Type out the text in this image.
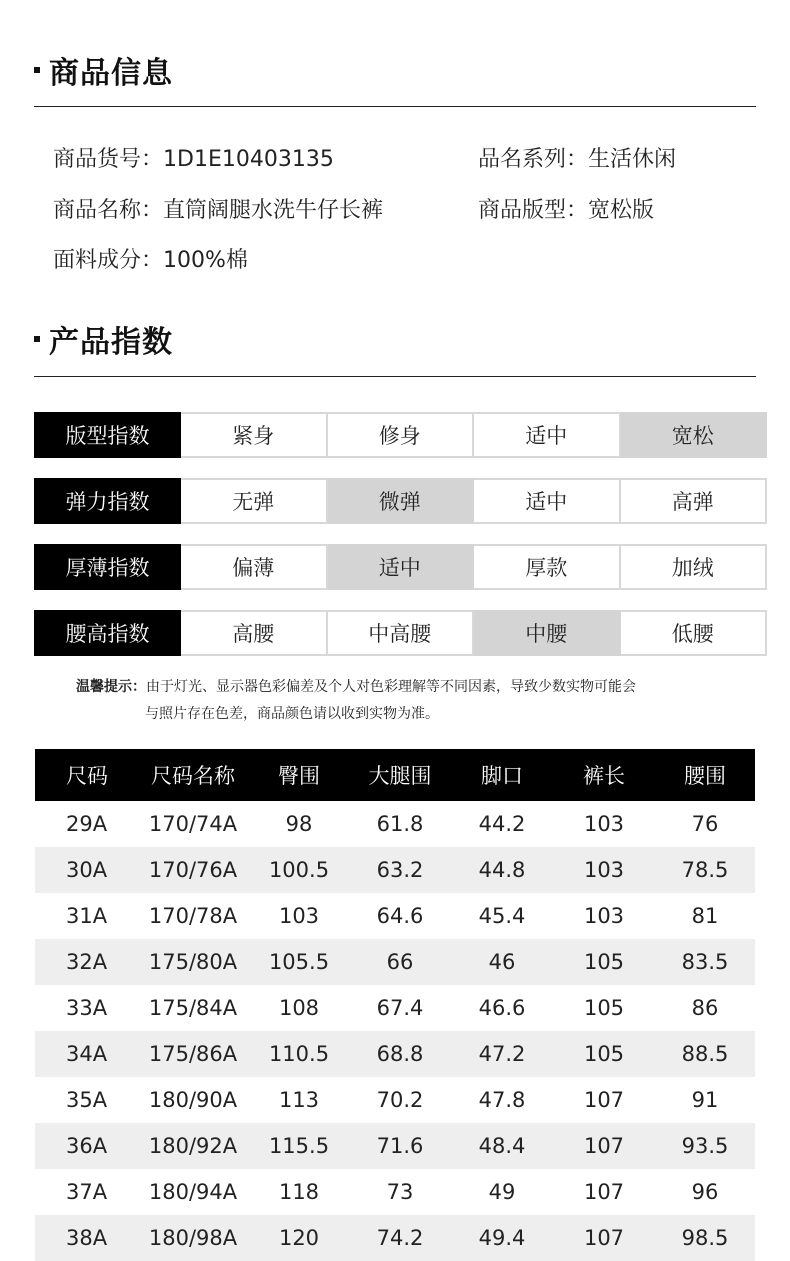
商品信息
商品货号：1D1E10403135	品名系列：生活休闲
商品名称：直筒阔腿水洗牛仔长裤	商品版型：宽松版
面料成分：100%棉
产品指数
版型指数	紧身	修身	适中	宽松
弹力指数	无弹	微弹	适中	高弹
厚薄指数	偏薄	适中	厚款	加绒
腰高指数	高腰	中高腰	中腰	低腰
温馨提示：由于灯光、显示器色彩偏差及个人对色彩理解等不同因素，导致少数实物可能会
与照片存在色差，商品颜色请以收到实物为准。
尺码	尺码名称	臀围	大腿围	脚口	裤长	腰围
29A	170/74A	98	61.8	44.2	103	76
30A	170/76A	100.5	63.2	44.8	103	78.5
31A	170/78A	103	64.6	45.4	103	81
32A	175/80A	105.5	66	46	105	83.5
33A	175/84A	108	67.4	46.6	105	86
34A	175/86A	110.5	68.8	47.2	105	88.5
35A	180/90A	113	70.2	47.8	107	91
36A	180/92A	115.5	71.6	48.4	107	93.5
37A	180/94A	118	73	49	107	96
38A	180/98A	120	74.2	49.4	107	98.5
